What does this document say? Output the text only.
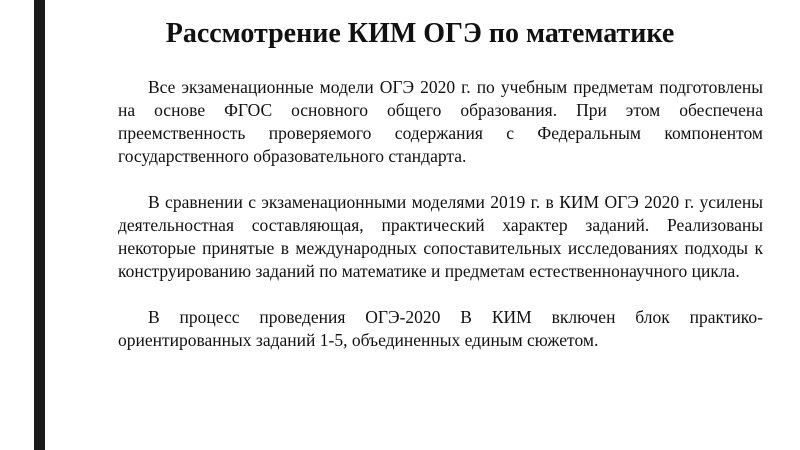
Рассмотрение КИМ ОГЭ по математике

Все экзаменационные модели ОГЭ 2020 г. по учебным предметам подготовлены на основе ФГОС основного общего образования. При этом обеспечена преемственность проверяемого содержания с Федеральным компонентом государственного образовательного стандарта.

В сравнении с экзаменационными моделями 2019 г. в КИМ ОГЭ 2020 г. усилены деятельностная составляющая, практический характер заданий. Реализованы некоторые принятые в международных сопоставительных исследованиях подходы к конструированию заданий по математике и предметам естественнонаучного цикла.

В процесс проведения ОГЭ-2020 В КИМ включен блок практико-ориентированных заданий 1-5, объединенных единым сюжетом.
